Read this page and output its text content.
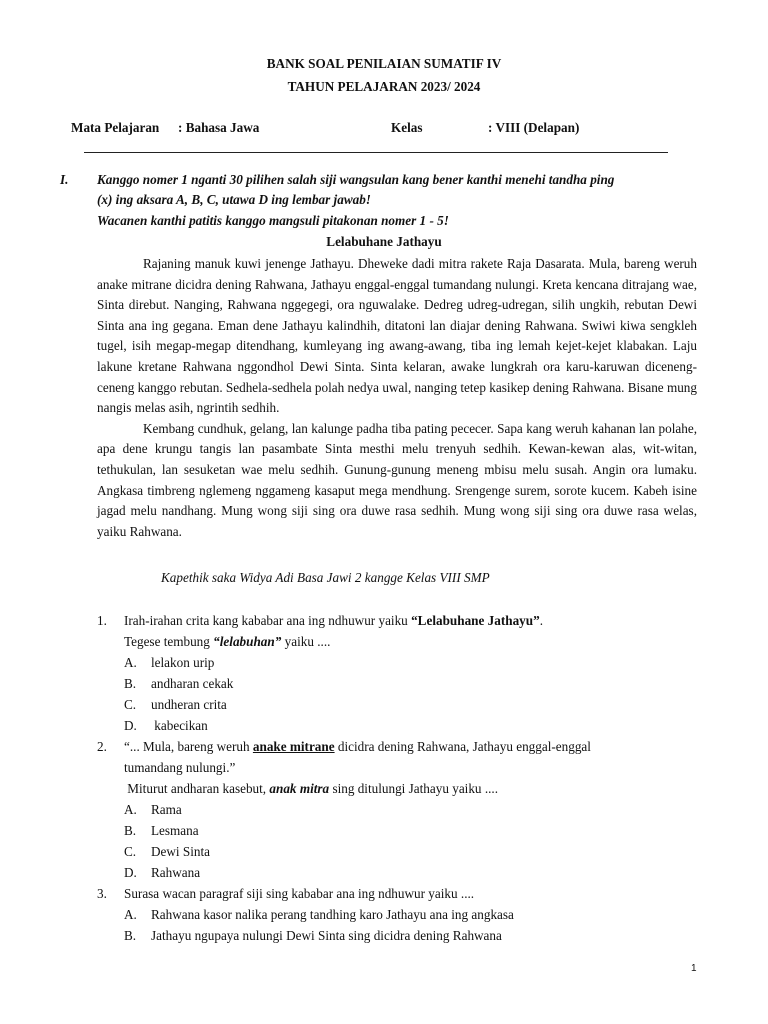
BANK SOAL PENILAIAN SUMATIF IV
TAHUN PELAJARAN 2023/ 2024
Mata Pelajaran : Bahasa Jawa	Kelas	: VIII (Delapan)
I. Kanggo nomer 1 nganti 30 pilihen salah siji wangsulan kang bener kanthi menehi tandha ping
(x) ing aksara A, B, C, utawa D ing lembar jawab!
Wacanen kanthi patitis kanggo mangsuli pitakonan nomer 1 - 5!
Lelabuhane Jathayu

Rajaning manuk kuwi jenenge Jathayu. Dheweke dadi mitra rakete Raja Dasarata. Mula, bareng weruh anake mitrane dicidra dening Rahwana, Jathayu enggal-enggal tumandang nulungi. Kreta kencana ditrajang wae, Sinta direbut. Nanging, Rahwana nggegegi, ora nguwalake. Dedreg udreg-udregan, silih ungkih, rebutan Dewi Sinta ana ing gegana. Eman dene Jathayu kalindhih, ditatoni lan diajar dening Rahwana. Swiwi kiwa sengkleh tugel, isih megap-megap ditendhang, kumleyang ing awang-awang, tiba ing lemah kejet-kejet klabakan. Laju lakune kretane Rahwana nggondhol Dewi Sinta. Sinta kelaran, awake lungkrah ora karu-karuwan diceneng-ceneng kanggo rebutan. Sedhela-sedhela polah nedya uwal, nanging tetep kasikep dening Rahwana. Bisane mung nangis melas asih, ngrintih sedhih.

Kembang cundhuk, gelang, lan kalunge padha tiba pating pececer. Sapa kang weruh kahanan lan polahe, apa dene krungu tangis lan pasambate Sinta mesthi melu trenyuh sedhih. Kewan-kewan alas, wit-witan, tethukulan, lan sesuketan wae melu sedhih. Gunung-gunung meneng mbisu melu susah. Angin ora lumaku. Angkasa timbreng nglemeng nggameng kasaput mega mendhung. Srengenge surem, sorote kucem. Kabeh isine jagad melu nandhang. Mung wong siji sing ora duwe rasa sedhih. Mung wong siji sing ora duwe rasa welas, yaiku Rahwana.

Kapethik saka Widya Adi Basa Jawi 2 kangge Kelas VIII SMP
1. Irah-irahan crita kang kababar ana ing ndhuwur yaiku “Lelabuhane Jathayu”.
Tegese tembung “lelabuhan” yaiku ....
A. lelakon urip
B. andharan cekak
C. undheran crita
D. kabecikan
2. “... Mula, bareng weruh anake mitrane dicidra dening Rahwana, Jathayu enggal-enggal
tumandang nulungi.”
Miturut andharan kasebut, anak mitra sing ditulungi Jathayu yaiku ....
A. Rama
B. Lesmana
C. Dewi Sinta
D. Rahwana
3. Surasa wacan paragraf siji sing kababar ana ing ndhuwur yaiku ....
A. Rahwana kasor nalika perang tandhing karo Jathayu ana ing angkasa
B. Jathayu ngupaya nulungi Dewi Sinta sing dicidra dening Rahwana
1
